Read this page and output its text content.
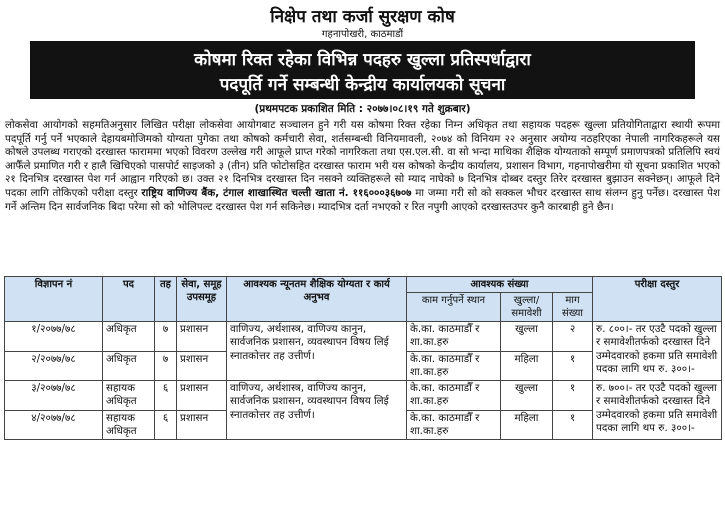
निक्षेप तथा कर्जा सुरक्षण कोष
गहनापोखरी, काठमाडौं
कोषमा रिक्त रहेका विभिन्न पदहरु खुल्ला प्रतिस्पर्धाद्वारा
पदपूर्ति गर्ने सम्बन्धी केन्द्रीय कार्यालयको सूचना
(प्रथमपटक प्रकाशित मिति : २०७७।०८।१९ गते शुक्रबार)

लोकसेवा आयोगको सहमतिअनुसार लिखित परीक्षा लोकसेवा आयोगबाट सञ्चालन हुने गरी यस कोषमा रिक्त रहेका निम्न अधिकृत तथा सहायक पदहरू खुल्ला प्रतियोगिताद्वारा स्थायी रूपमा पदपूर्ति गर्नु पर्ने भएकाले देहायबमोजिमको योग्यता पुगेका तथा कोषको कर्मचारी सेवा, शर्तसम्बन्धी विनियमावली, २०७४ को विनियम २२ अनुसार अयोग्य नठहरिएका नेपाली नागरिकहरूले यस कोषले उपलब्ध गराएको दरखास्त फाराममा भएको विवरण उल्लेख गरी आफूले प्राप्त गरेको नागरिकता तथा एस.एल.सी. वा सो भन्दा माथिका शैक्षिक योग्यताको सम्पूर्ण प्रमाणपत्रको प्रतिलिपि स्वयं आफैँले प्रमाणित गरी र हालै खिचिएको पासपोर्ट साइजको ३ (तीन) प्रति फोटोसहित दरखास्त फाराम भरी यस कोषको केन्द्रीय कार्यालय, प्रशासन विभाग, गहनापोखरीमा यो सूचना प्रकाशित भएको २१ दिनभित्र दरखास्त पेश गर्न आह्वान गरिएको छ। उक्त २१ दिनभित्र दरखास्त दिन नसक्ने व्यक्तिहरूले सो म्याद नाघेको ७ दिनभित्र दोब्बर दस्तुर तिरेर दरखास्त बुझाउन सक्नेछन्। आफूले दिने पदका लागि तोकिएको परीक्षा दस्तुर राष्ट्रिय वाणिज्य बैंक, टंगाल शाखास्थित चल्ती खाता नं. ११६०००३६७०७ मा जम्मा गरी सो को सक्कल भौचर दरखास्त साथ संलग्न हुनु पर्नेछ। दरखास्त पेश गर्ने अन्तिम दिन सार्वजनिक बिदा परेमा सो को भोलिपल्ट दरखास्त पेश गर्न सकिनेछ। म्यादभित्र दर्ता नभएको र रित नपुगी आएको दरखास्तउपर कुनै कारबाही हुने छैन।

विज्ञापन नं	पद	तह	सेवा, समूह उपसमूह	आवश्यक न्यूनतम शैक्षिक योग्यता र कार्य अनुभव	आवश्यक संख्या			परीक्षा दस्तुर
					काम गर्नुपर्ने स्थान	खुल्ला/ समावेशी	माग संख्या	
१/२०७७/७८	अधिकृत	७	प्रशासन	वाणिज्य, अर्थशास्त्र, वाणिज्य कानुन, सार्वजनिक प्रशासन, व्यवस्थापन विषय लिई स्नातकोत्तर तह उत्तीर्ण।	के.का. काठमाडौँ र शा.का.हरु	खुल्ला	२	रु. ८००।- तर एउटै पदको खुल्ला र समावेशीतर्फको दरखास्त दिने उम्मेदवारको हकमा प्रति समावेशी पदका लागि थप रु. ३००।-
२/२०७७/७८	अधिकृत	७	प्रशासन		के.का. काठमाडौँ र शा.का.हरु	महिला	१	
३/२०७७/७८	सहायक अधिकृत	६	प्रशासन	वाणिज्य, अर्थशास्त्र, वाणिज्य कानुन, सार्वजनिक प्रशासन, व्यवस्थापन विषय लिई स्नातकोत्तर तह उत्तीर्ण।	के.का. काठमाडौँ र शा.का.हरु	खुल्ला	१	रु. ७००।- तर एउटै पदको खुल्ला र समावेशीतर्फको दरखास्त दिने उम्मेदवारको हकमा प्रति समावेशी पदका लागि थप रु. ३००।-
४/२०७७/७८	सहायक अधिकृत	६	प्रशासन		के.का. काठमाडौँ र शा.का.हरु	महिला	१	
